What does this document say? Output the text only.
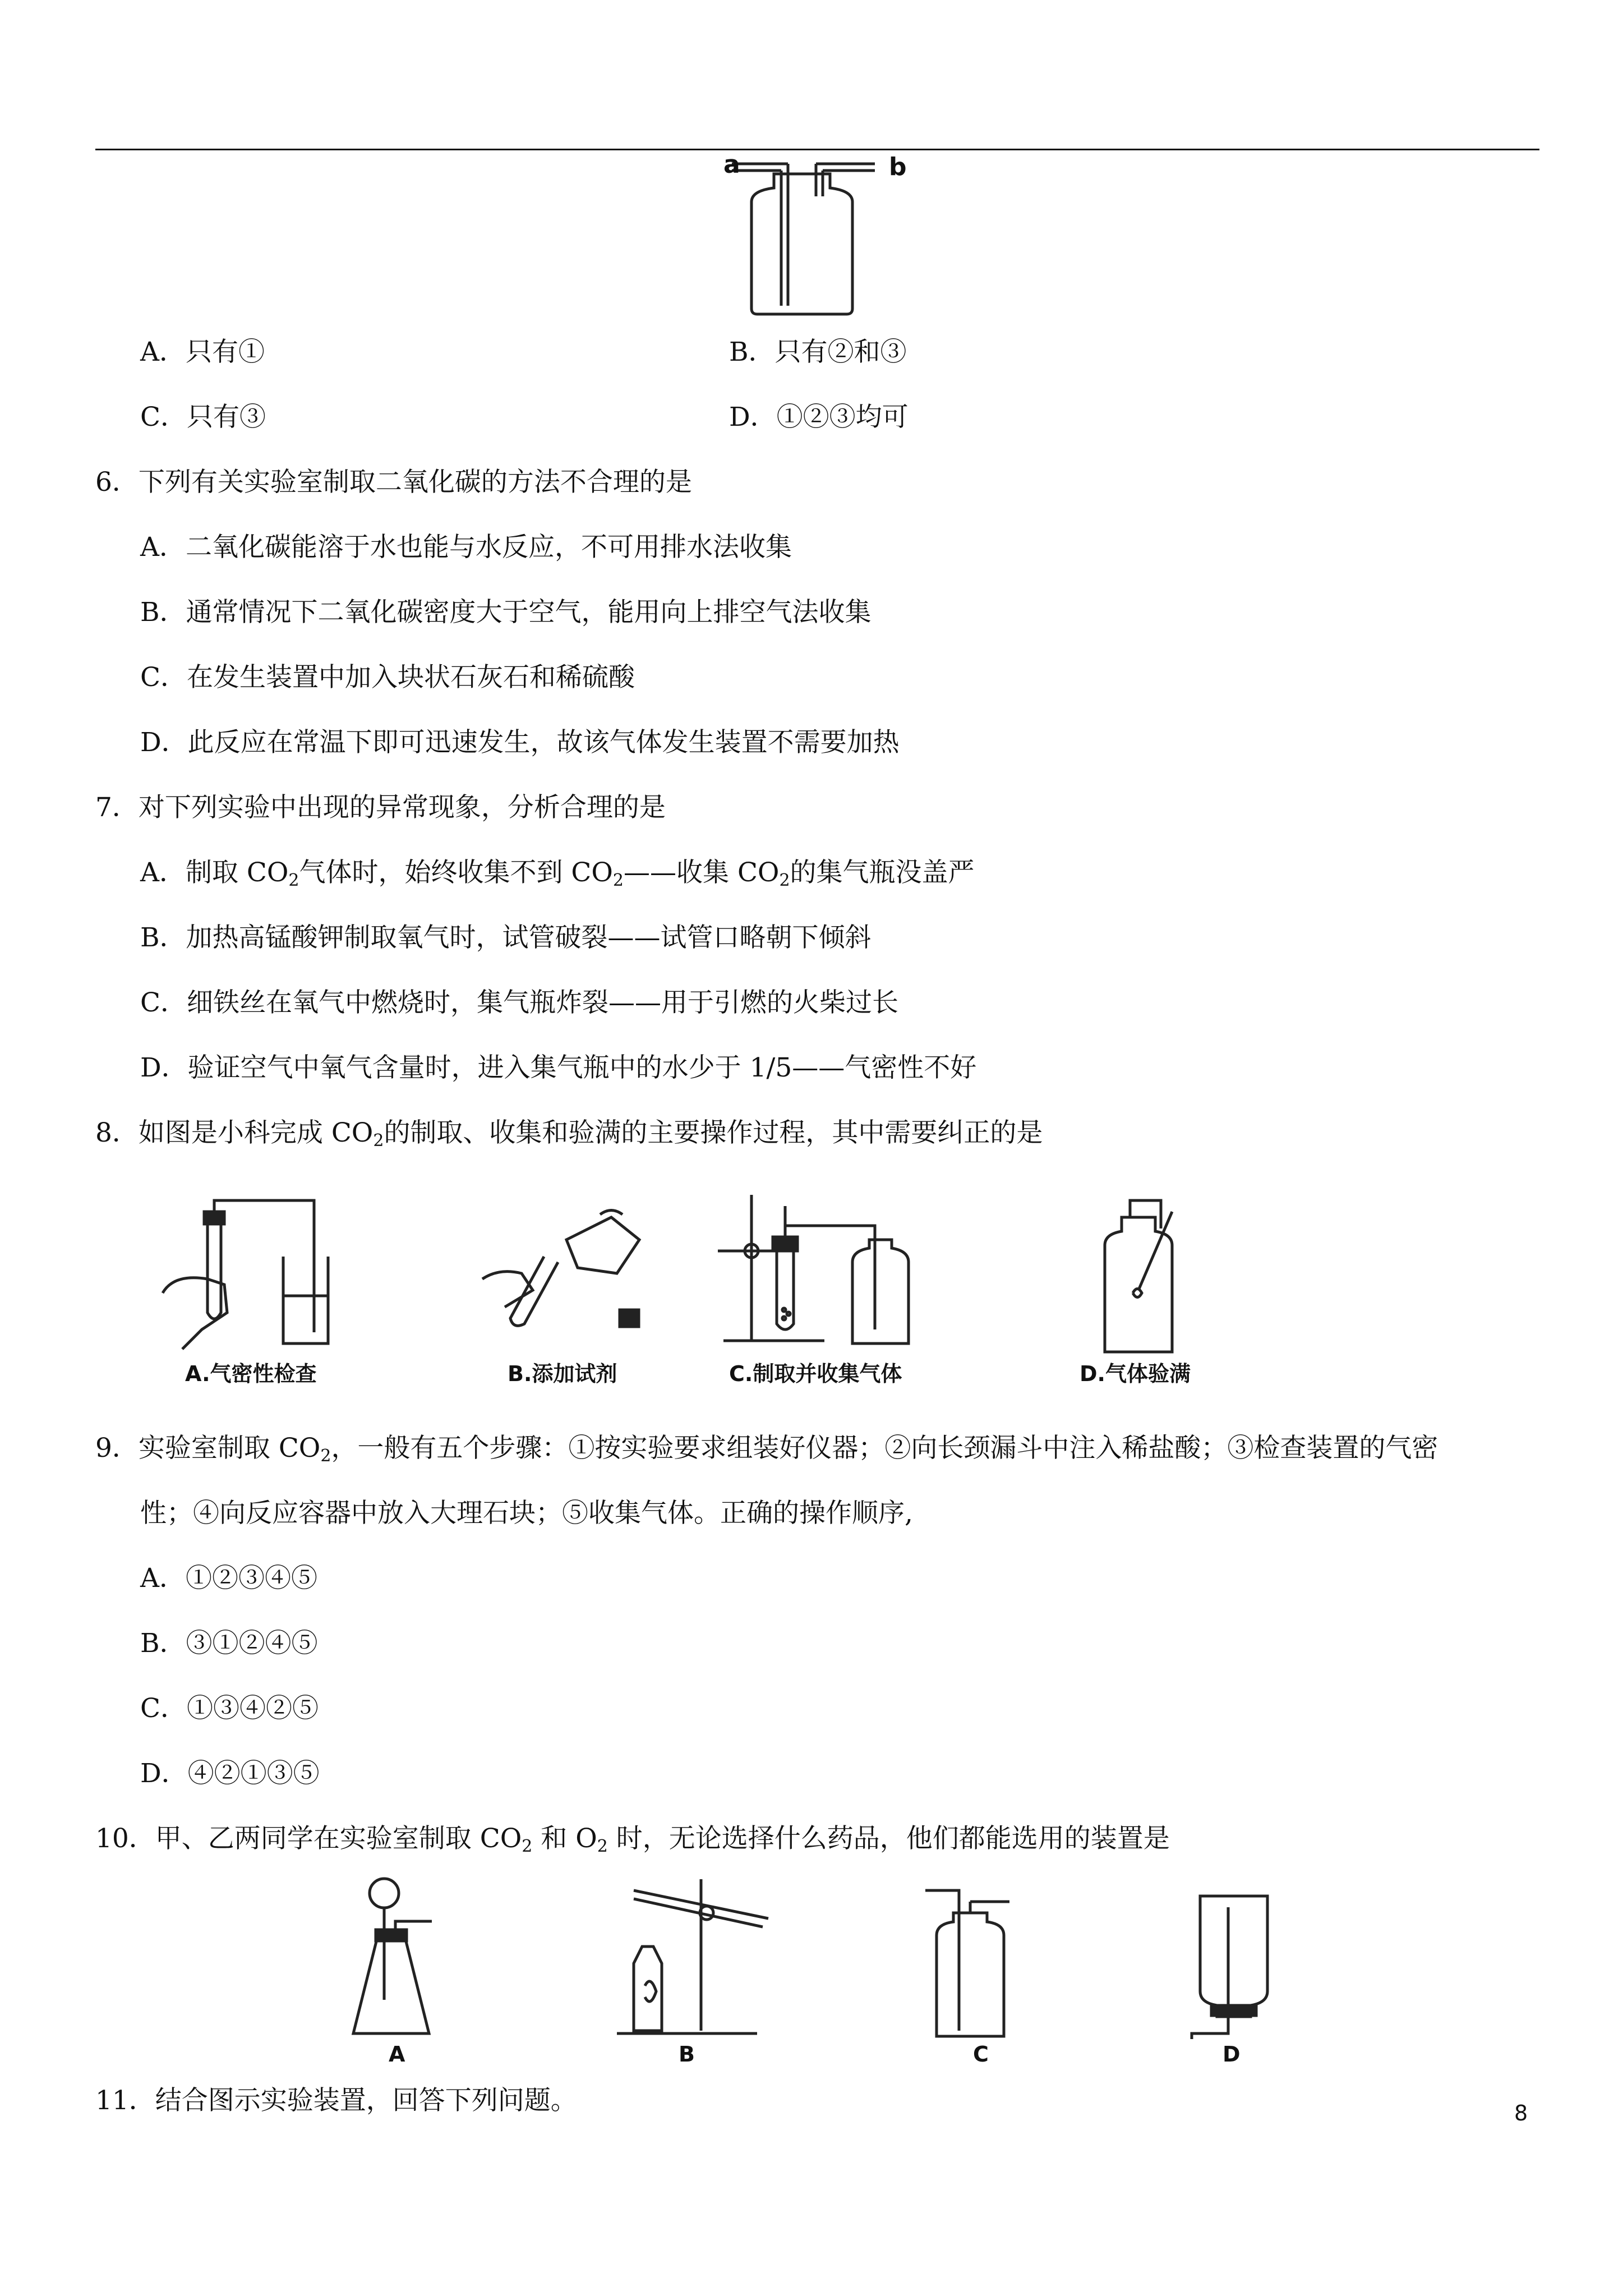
a	b
A．只有①	B．只有②和③
C．只有③	D．①②③均可
6．下列有关实验室制取二氧化碳的方法不合理的是
A．二氧化碳能溶于水也能与水反应，不可用排水法收集
B．通常情况下二氧化碳密度大于空气，能用向上排空气法收集
C．在发生装置中加入块状石灰石和稀硫酸
D．此反应在常温下即可迅速发生，故该气体发生装置不需要加热
7．对下列实验中出现的异常现象，分析合理的是
A．制取 $CO_2$气体时，始终收集不到 $CO_2——$收集 $CO_2$的集气瓶没盖严
B．加热高锰酸钾制取氧气时，试管破裂——试管口略朝下倾斜
C．细铁丝在氧气中燃烧时，集气瓶炸裂——用于引燃的火柴过长
D．验证空气中氧气含量时，进入集气瓶中的水少于 1/5——气密性不好
8．如图是小科完成 $CO_2$的制取、收集和验满的主要操作过程，其中需要纠正的是
A.气密性检查	B.添加试剂	C.制取并收集气体	D.气体验满
9．实验室制取 $CO_2$，一般有五个步骤：①按实验要求组装好仪器；②向长颈漏斗中注入稀盐酸；③检查装置的气密
性；④向反应容器中放入大理石块；⑤收集气体。正确的操作顺序,
A．①②③④⑤
B．③①②④⑤
C．①③④②⑤
D．④②①③⑤
10．甲、乙两同学在实验室制取 $CO_2$ 和 $O_2$ 时，无论选择什么药品，他们都能选用的装置是
A	B	C	D
11．结合图示实验装置，回答下列问题。	8
